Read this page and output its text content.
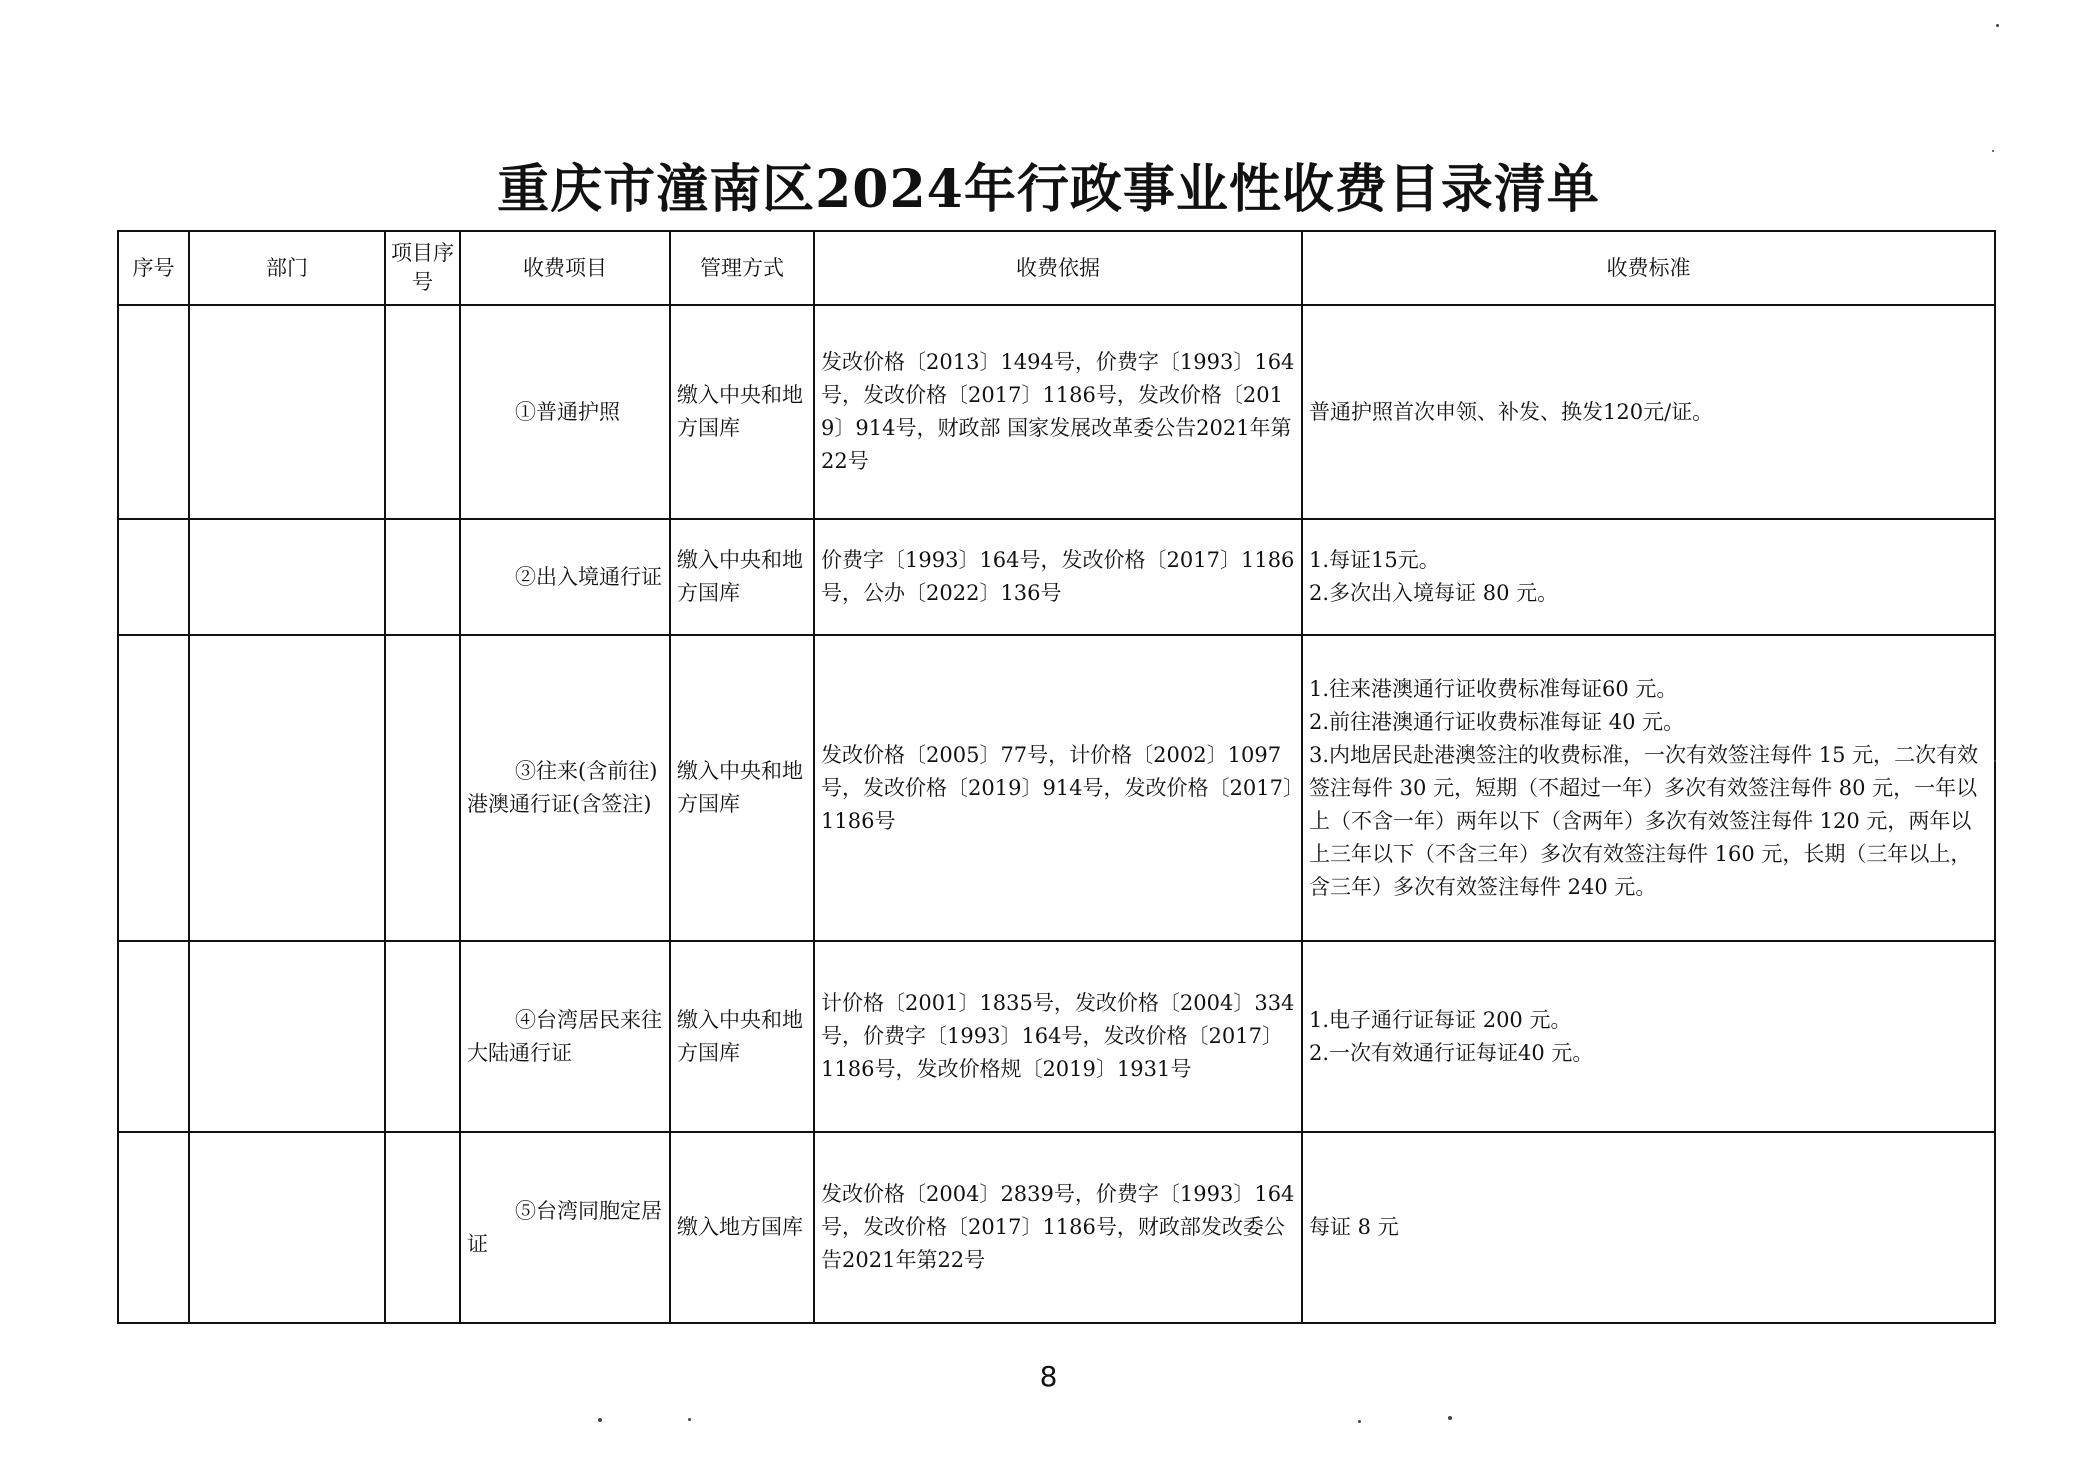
重庆市潼南区2024年行政事业性收费目录清单
序号	部门	项目序号	收费项目	管理方式	收费依据	收费标准
			①普通护照	缴入中央和地方国库	发改价格〔2013〕1494号，价费字〔1993〕164号，发改价格〔2017〕1186号，发改价格〔2019〕914号，财政部 国家发展改革委公告2021年第22号	普通护照首次申领、补发、换发120元/证。

			②出入境通行证	缴入中央和地方国库	价费字〔1993〕164号，发改价格〔2017〕1186号，公办〔2022〕136号	1.每证15元。
2.多次出入境每证 80 元。

			③往来(含前往)港澳通行证(含签注)	缴入中央和地方国库	发改价格〔2005〕77号，计价格〔2002〕1097号，发改价格〔2019〕914号，发改价格〔2017〕1186号	1.往来港澳通行证收费标准每证60 元。
2.前往港澳通行证收费标准每证 40 元。
3.内地居民赴港澳签注的收费标准，一次有效签注每件 15 元，二次有效签注每件 30 元，短期（不超过一年）多次有效签注每件 80 元，一年以上（不含一年）两年以下（含两年）多次有效签注每件 120 元，两年以上三年以下（不含三年）多次有效签注每件 160 元，长期（三年以上，含三年）多次有效签注每件 240 元。

			④台湾居民来往大陆通行证	缴入中央和地方国库	计价格〔2001〕1835号，发改价格〔2004〕334号，价费字〔1993〕164号，发改价格〔2017〕1186号，发改价格规〔2019〕1931号	1.电子通行证每证 200 元。
2.一次有效通行证每证40 元。

			⑤台湾同胞定居证	缴入地方国库	发改价格〔2004〕2839号，价费字〔1993〕164号，发改价格〔2017〕1186号，财政部发改委公告2021年第22号	每证 8 元
8
